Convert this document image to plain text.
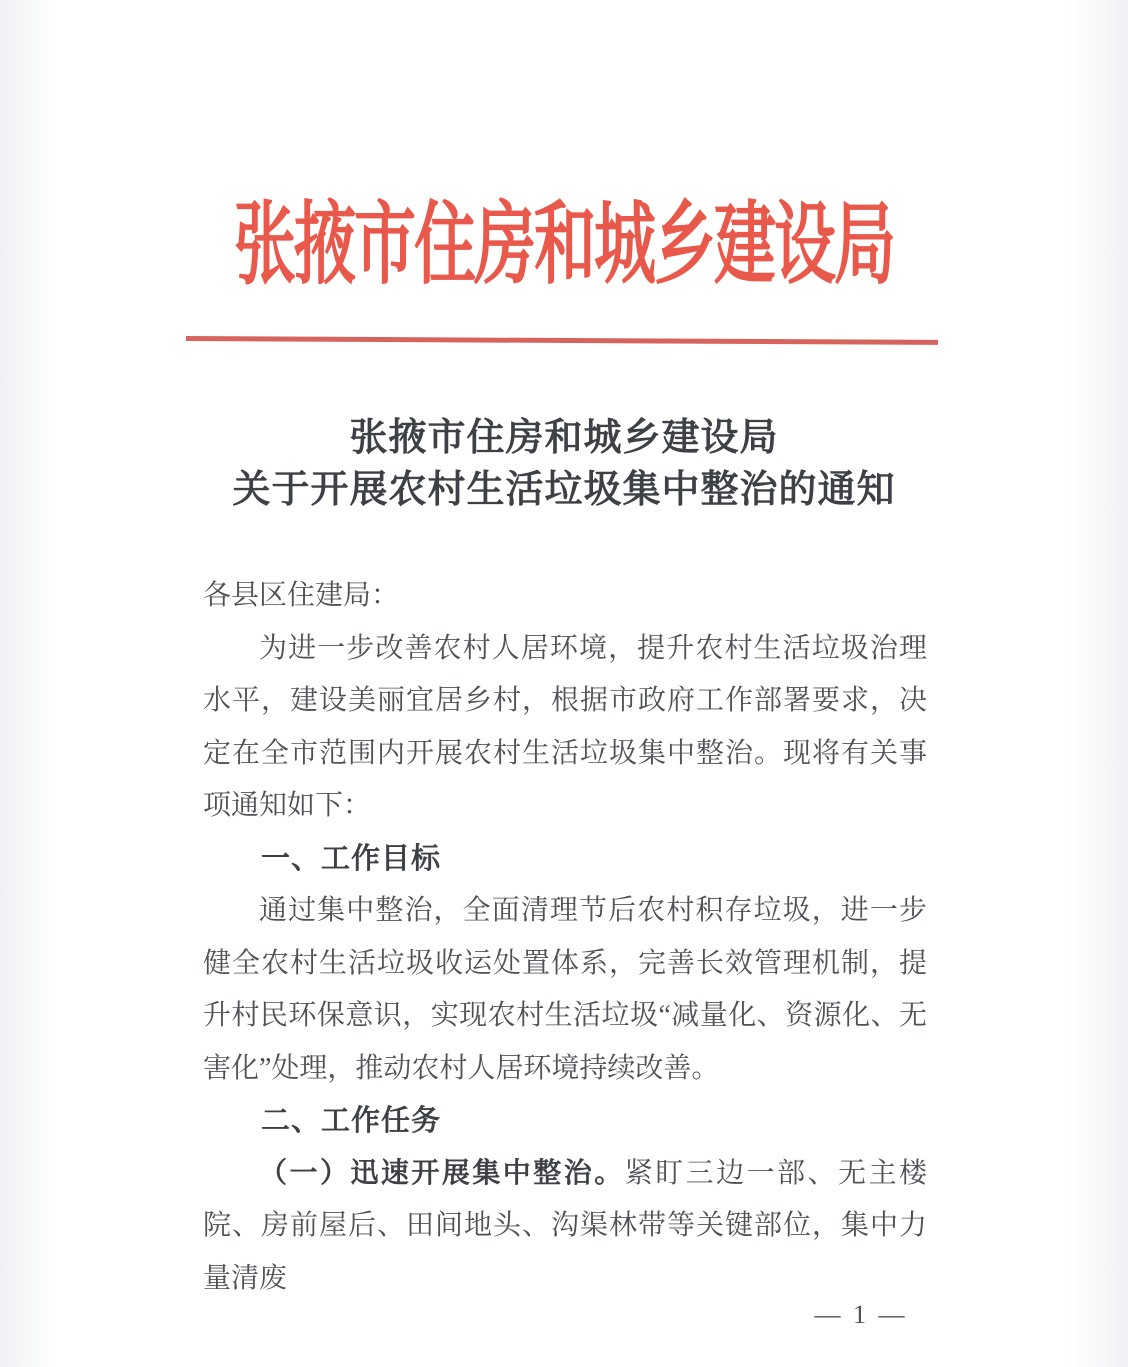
张掖市住房和城乡建设局
张掖市住房和城乡建设局
关于开展农村生活垃圾集中整治的通知

各县区住建局：

为进一步改善农村人居环境，提升农村生活垃圾治理水平，建设美丽宜居乡村，根据市政府工作部署要求，决定在全市范围内开展农村生活垃圾集中整治。现将有关事项通知如下：

一、工作目标

通过集中整治，全面清理节后农村积存垃圾，进一步健全农村生活垃圾收运处置体系，完善长效管理机制，提升村民环保意识，实现农村生活垃圾“减量化、资源化、无害化”处理，推动农村人居环境持续改善。

二、工作任务

（一）迅速开展集中整治。紧盯三边一部、无主楼院、房前屋后、田间地头、沟渠林带等关键部位，集中力量清废

— 1 —
